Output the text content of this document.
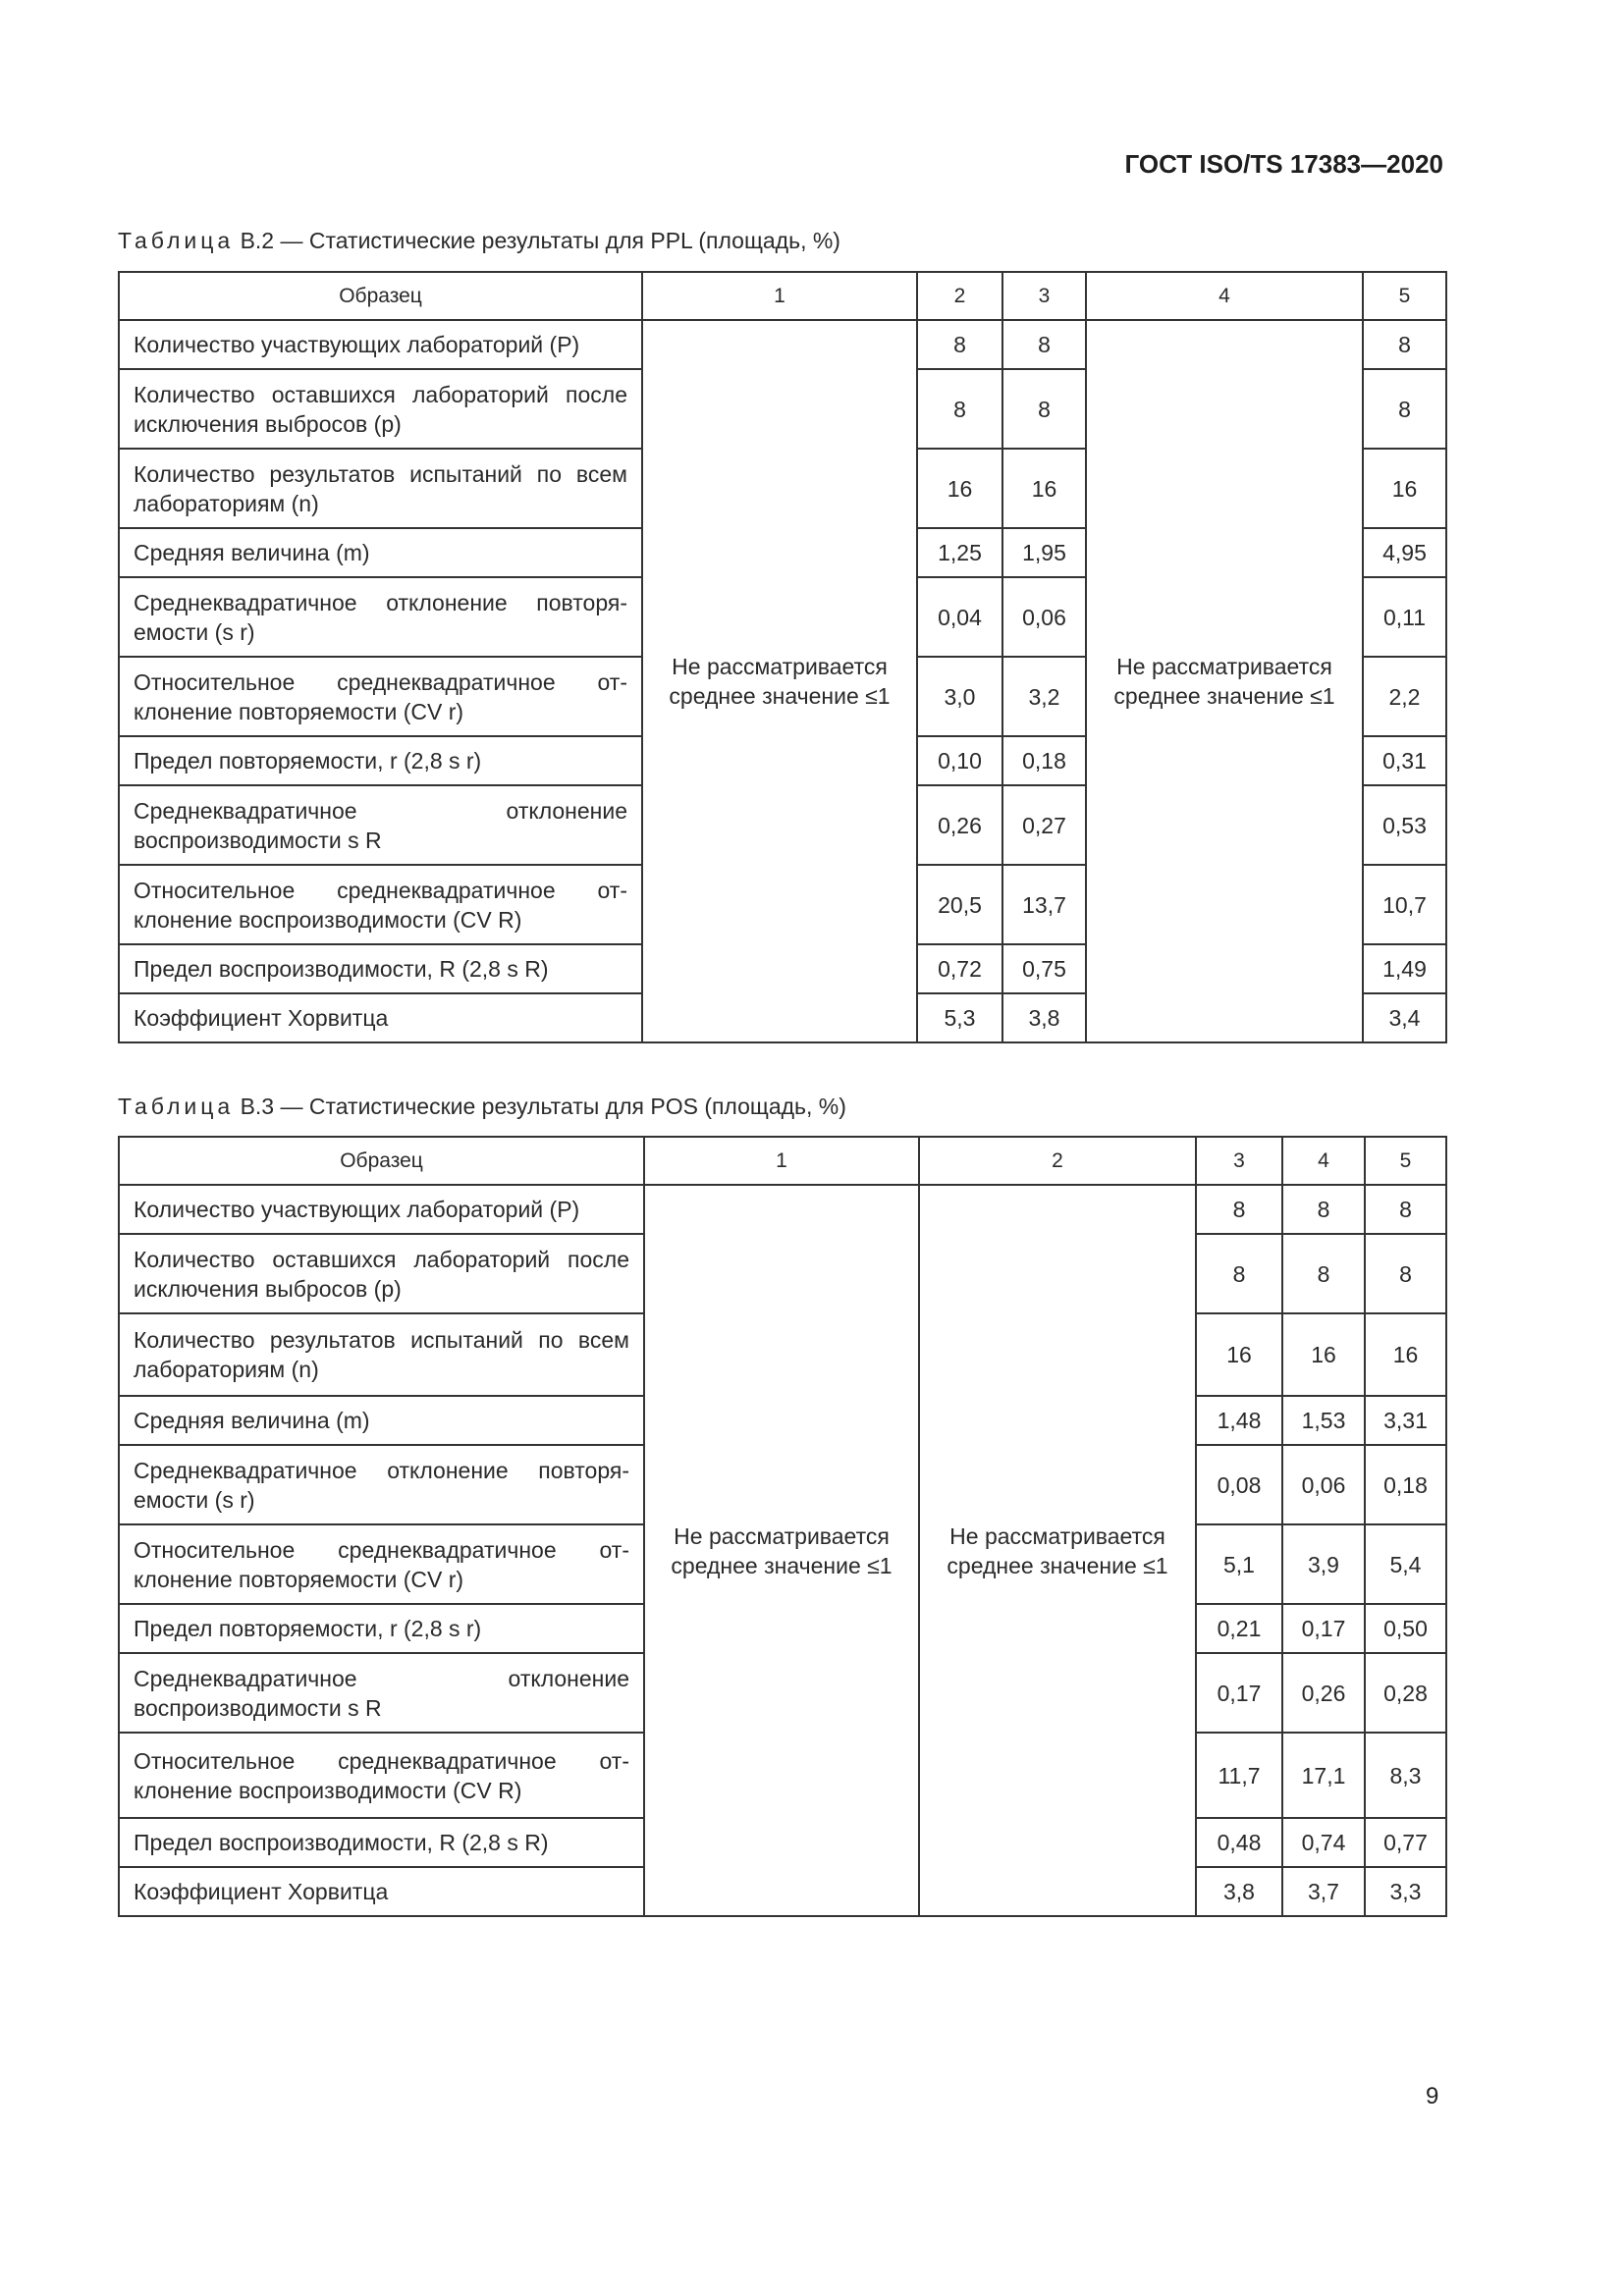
ГОСТ ISO/TS 17383—2020
Таблица В.2 — Статистические результаты для PPL (площадь, %)
Образец	1	2	3	4	5
Количество участвующих лабораторий (P)	Не рассматривается среднее значение ≤1	8	8	Не рассматривается среднее значение ≤1	8
Количество оставшихся лабораторий после исключения выбросов (p)		8	8		8
Количество результатов испытаний по всем лабораториям (n)		16	16		16
Средняя величина (m)		1,25	1,95		4,95
Среднеквадратичное отклонение повторяемости (s r)		0,04	0,06		0,11
Относительное среднеквадратичное отклонение повторяемости (CV r)		3,0	3,2		2,2
Предел повторяемости, r (2,8 s r)		0,10	0,18		0,31
Среднеквадратичное отклонение воспроизводимости s R		0,26	0,27		0,53
Относительное среднеквадратичное отклонение воспроизводимости (CV R)		20,5	13,7		10,7
Предел воспроизводимости, R (2,8 s R)		0,72	0,75		1,49
Коэффициент Хорвитца		5,3	3,8		3,4
Таблица В.3 — Статистические результаты для POS (площадь, %)
Образец	1	2	3	4	5
Количество участвующих лабораторий (P)	Не рассматривается среднее значение ≤1	Не рассматривается среднее значение ≤1	8	8	8
Количество оставшихся лабораторий после исключения выбросов (p)			8	8	8
Количество результатов испытаний по всем лабораториям (n)			16	16	16
Средняя величина (m)			1,48	1,53	3,31
Среднеквадратичное отклонение повторяемости (s r)			0,08	0,06	0,18
Относительное среднеквадратичное отклонение повторяемости (CV r)			5,1	3,9	5,4
Предел повторяемости, r (2,8 s r)			0,21	0,17	0,50
Среднеквадратичное отклонение воспроизводимости s R			0,17	0,26	0,28
Относительное среднеквадратичное отклонение воспроизводимости (CV R)			11,7	17,1	8,3
Предел воспроизводимости, R (2,8 s R)			0,48	0,74	0,77
Коэффициент Хорвитца			3,8	3,7	3,3
9
